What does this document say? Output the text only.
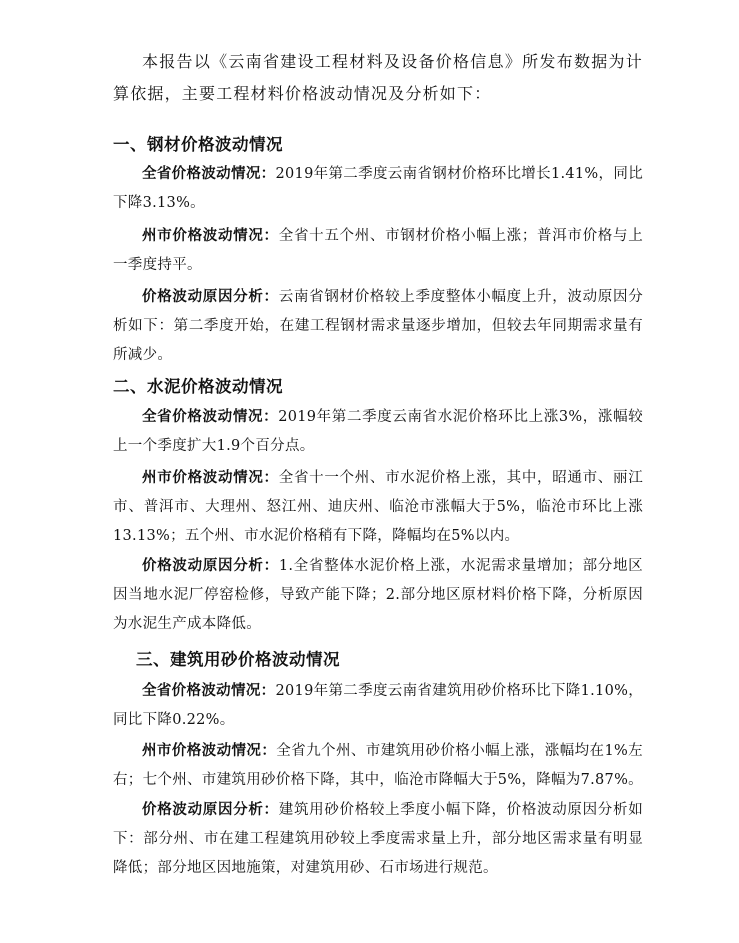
本报告以《云南省建设工程材料及设备价格信息》所发布数据为计算依据，主要工程材料价格波动情况及分析如下：

一、钢材价格波动情况

全省价格波动情况：2019年第二季度云南省钢材价格环比增长1.41%，同比下降3.13%。

州市价格波动情况：全省十五个州、市钢材价格小幅上涨；普洱市价格与上一季度持平。

价格波动原因分析：云南省钢材价格较上季度整体小幅度上升，波动原因分析如下：第二季度开始，在建工程钢材需求量逐步增加，但较去年同期需求量有所减少。

二、水泥价格波动情况

全省价格波动情况：2019年第二季度云南省水泥价格环比上涨3%，涨幅较上一个季度扩大1.9个百分点。

州市价格波动情况：全省十一个州、市水泥价格上涨，其中，昭通市、丽江市、普洱市、大理州、怒江州、迪庆州、临沧市涨幅大于5%，临沧市环比上涨13.13%；五个州、市水泥价格稍有下降，降幅均在5%以内。

价格波动原因分析：1.全省整体水泥价格上涨，水泥需求量增加；部分地区因当地水泥厂停窑检修，导致产能下降；2.部分地区原材料价格下降，分析原因为水泥生产成本降低。

三、建筑用砂价格波动情况

全省价格波动情况：2019年第二季度云南省建筑用砂价格环比下降1.10%，同比下降0.22%。

州市价格波动情况：全省九个州、市建筑用砂价格小幅上涨，涨幅均在1%左右；七个州、市建筑用砂价格下降，其中，临沧市降幅大于5%，降幅为7.87%。

价格波动原因分析：建筑用砂价格较上季度小幅下降，价格波动原因分析如下：部分州、市在建工程建筑用砂较上季度需求量上升，部分地区需求量有明显降低；部分地区因地施策，对建筑用砂、石市场进行规范。
